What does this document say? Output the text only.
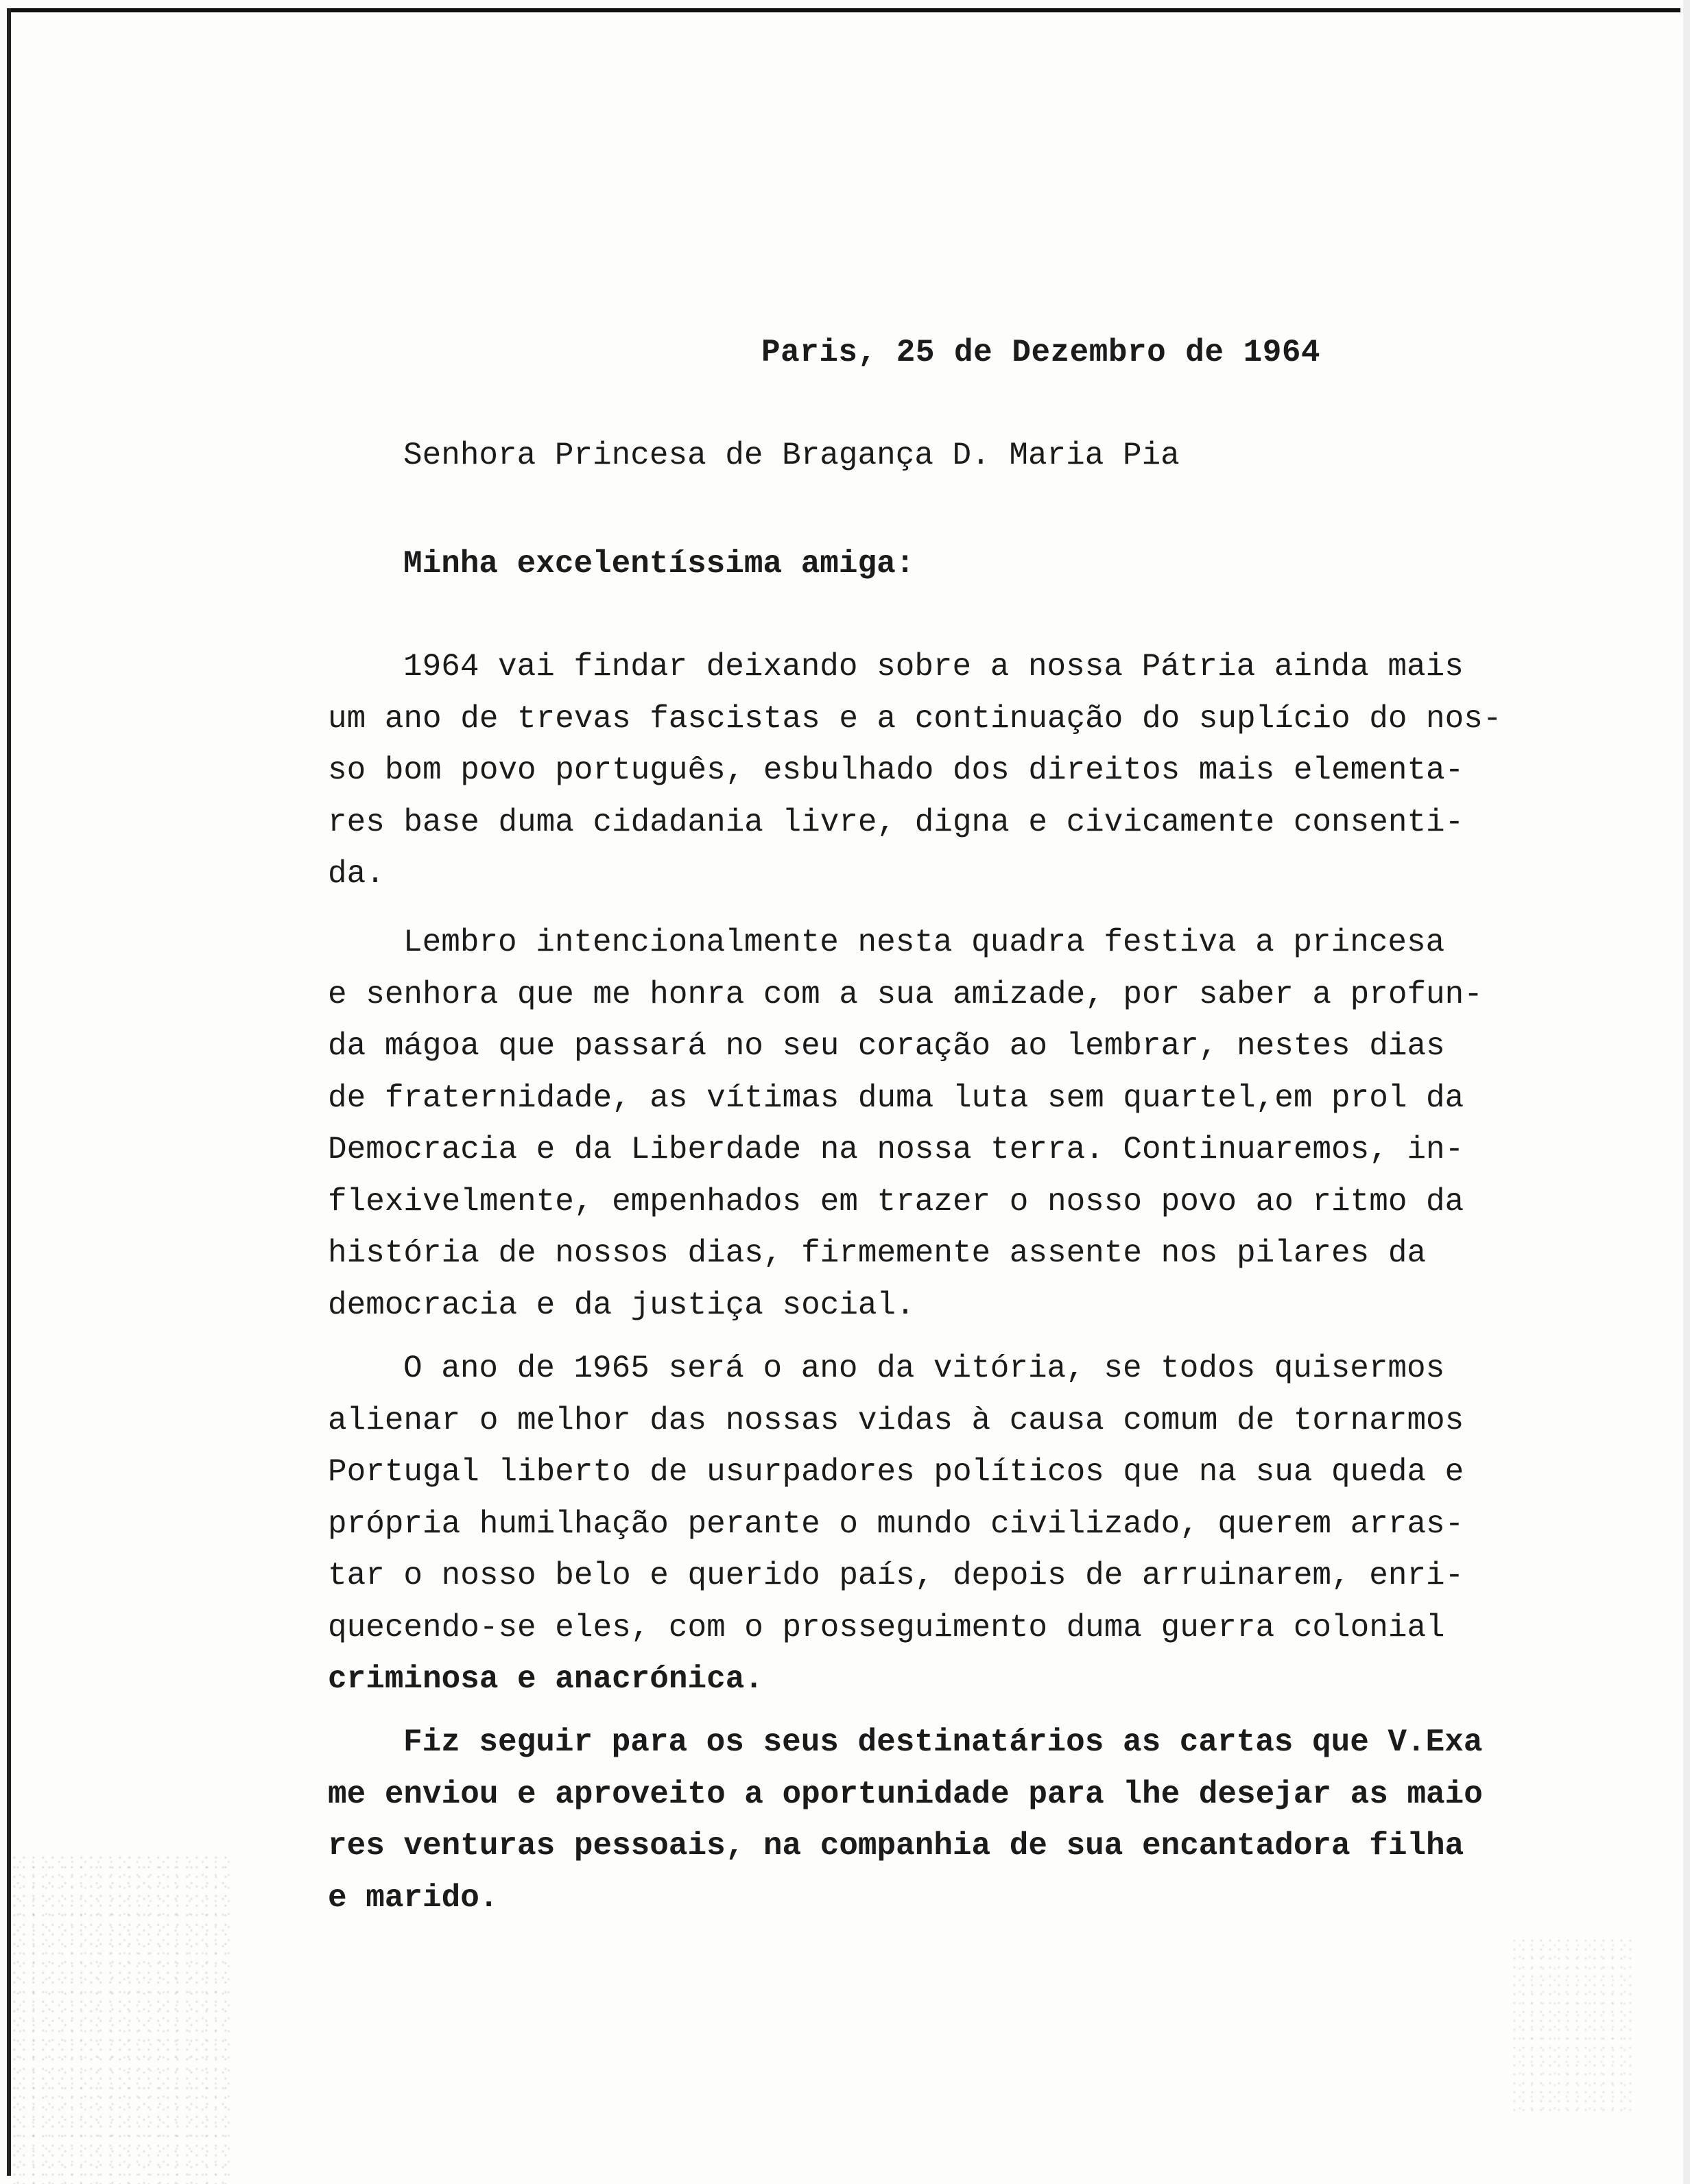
Paris, 25 de Dezembro de 1964
Senhora Princesa de Bragança D. Maria Pia
Minha excelentíssima amiga:
1964 vai findar deixando sobre a nossa Pátria ainda mais
um ano de trevas fascistas e a continuação do suplício do nos-
so bom povo português, esbulhado dos direitos mais elementa-
res base duma cidadania livre, digna e civicamente consenti-
da.
Lembro intencionalmente nesta quadra festiva a princesa
e senhora que me honra com a sua amizade, por saber a profun-
da mágoa que passará no seu coração ao lembrar, nestes dias
de fraternidade, as vítimas duma luta sem quartel,em prol da
Democracia e da Liberdade na nossa terra. Continuaremos, in-
flexivelmente, empenhados em trazer o nosso povo ao ritmo da
história de nossos dias, firmemente assente nos pilares da
democracia e da justiça social.
O ano de 1965 será o ano da vitória, se todos quisermos
alienar o melhor das nossas vidas à causa comum de tornarmos
Portugal liberto de usurpadores políticos que na sua queda e
própria humilhação perante o mundo civilizado, querem arras-
tar o nosso belo e querido país, depois de arruinarem, enri-
quecendo-se eles, com o prosseguimento duma guerra colonial
criminosa e anacrónica.
Fiz seguir para os seus destinatários as cartas que V.Exa
me enviou e aproveito a oportunidade para lhe desejar as maio
res venturas pessoais, na companhia de sua encantadora filha
e marido.
